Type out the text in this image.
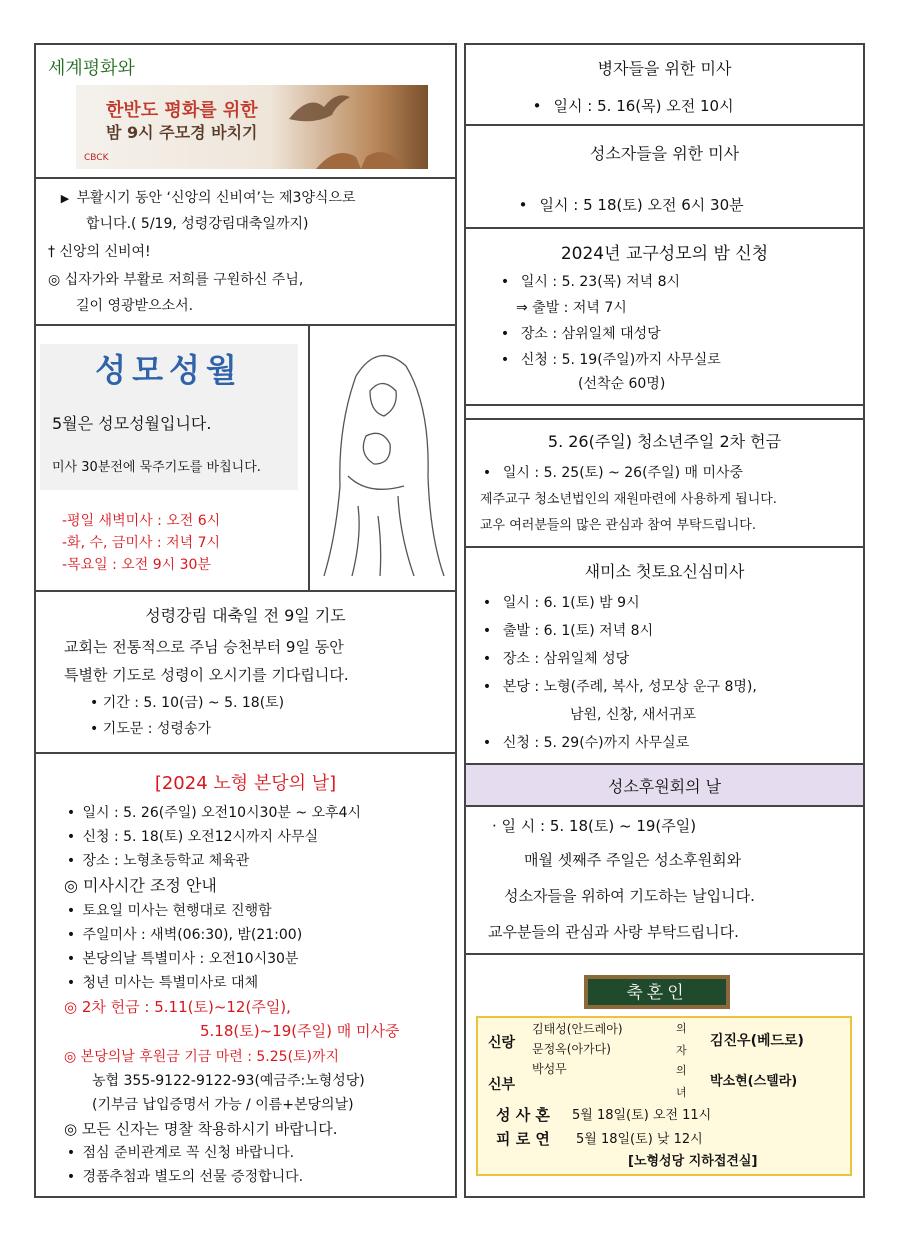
세계평화와
한반도 평화를 위한
밤 9시 주모경 바치기
CBCK
▶ 부활시기 동안 ‘신앙의 신비여’는 제3양식으로
합니다.( 5/19, 성령강림대축일까지)
† 신앙의 신비여!
◎ 십자가와 부활로 저희를 구원하신 주님,
길이 영광받으소서.
성모성월
5월은 성모성월입니다.
미사 30분전에 묵주기도를 바칩니다.
-평일 새벽미사 : 오전 6시
-화, 수, 금미사 : 저녁 7시
-목요일 : 오전 9시 30분
성령강림 대축일 전 9일 기도
교회는 전통적으로 주님 승천부터 9일 동안
특별한 기도로 성령이 오시기를 기다립니다.
• 기간 : 5. 10(금) ~ 5. 18(토)
• 기도문 : 성령송가
[2024 노형 본당의 날]
• 일시 : 5. 26(주일) 오전10시30분 ~ 오후4시
• 신청 : 5. 18(토) 오전12시까지 사무실
• 장소 : 노형초등학교 체육관
◎ 미사시간 조정 안내
• 토요일 미사는 현행대로 진행함
• 주일미사 : 새벽(06:30), 밤(21:00)
• 본당의날 특별미사 : 오전10시30분
• 청년 미사는 특별미사로 대체
◎ 2차 헌금 : 5.11(토)~12(주일),
5.18(토)~19(주일) 매 미사중
◎ 본당의날 후원금 기금 마련 : 5.25(토)까지
농협 355-9122-9122-93(예금주:노형성당)
(기부금 납입증명서 가능 / 이름+본당의날)
◎ 모든 신자는 명찰 착용하시기 바랍니다.
• 점심 준비관계로 꼭 신청 바랍니다.
• 경품추첨과 별도의 선물 증정합니다.
병자들을 위한 미사
• 일시 : 5. 16(목) 오전 10시
성소자들을 위한 미사
• 일시 : 5 18(토) 오전 6시 30분
2024년 교구성모의 밤 신청
• 일시 : 5. 23(목) 저녁 8시
⇒ 출발 : 저녁 7시
• 장소 : 삼위일체 대성당
• 신청 : 5. 19(주일)까지 사무실로
(선착순 60명)
5. 26(주일) 청소년주일 2차 헌금
• 일시 : 5. 25(토) ~ 26(주일) 매 미사중
제주교구 청소년법인의 재원마련에 사용하게 됩니다.
교우 여러분들의 많은 관심과 참여 부탁드립니다.
새미소 첫토요신심미사
• 일시 : 6. 1(토) 밤 9시
• 출발 : 6. 1(토) 저녁 8시
• 장소 : 삼위일체 성당
• 본당 : 노형(주례, 복사, 성모상 운구 8명),
남원, 신창, 새서귀포
• 신청 : 5. 29(수)까지 사무실로
성소후원회의 날
· 일 시 : 5. 18(토) ~ 19(주일)
매월 셋째주 주일은 성소후원회와
성소자들을 위하여 기도하는 날입니다.
교우분들의 관심과 사랑 부탁드립니다.
축혼인
신랑
김태성(안드레아)
문정옥(아가다)
의
자
김진우(베드로)
신부
박성무	의
녀
박소현(스텔라)
성 사 혼 5월 18일(토) 오전 11시
피 로 연 5월 18일(토) 낮 12시
[노형성당 지하접견실]
